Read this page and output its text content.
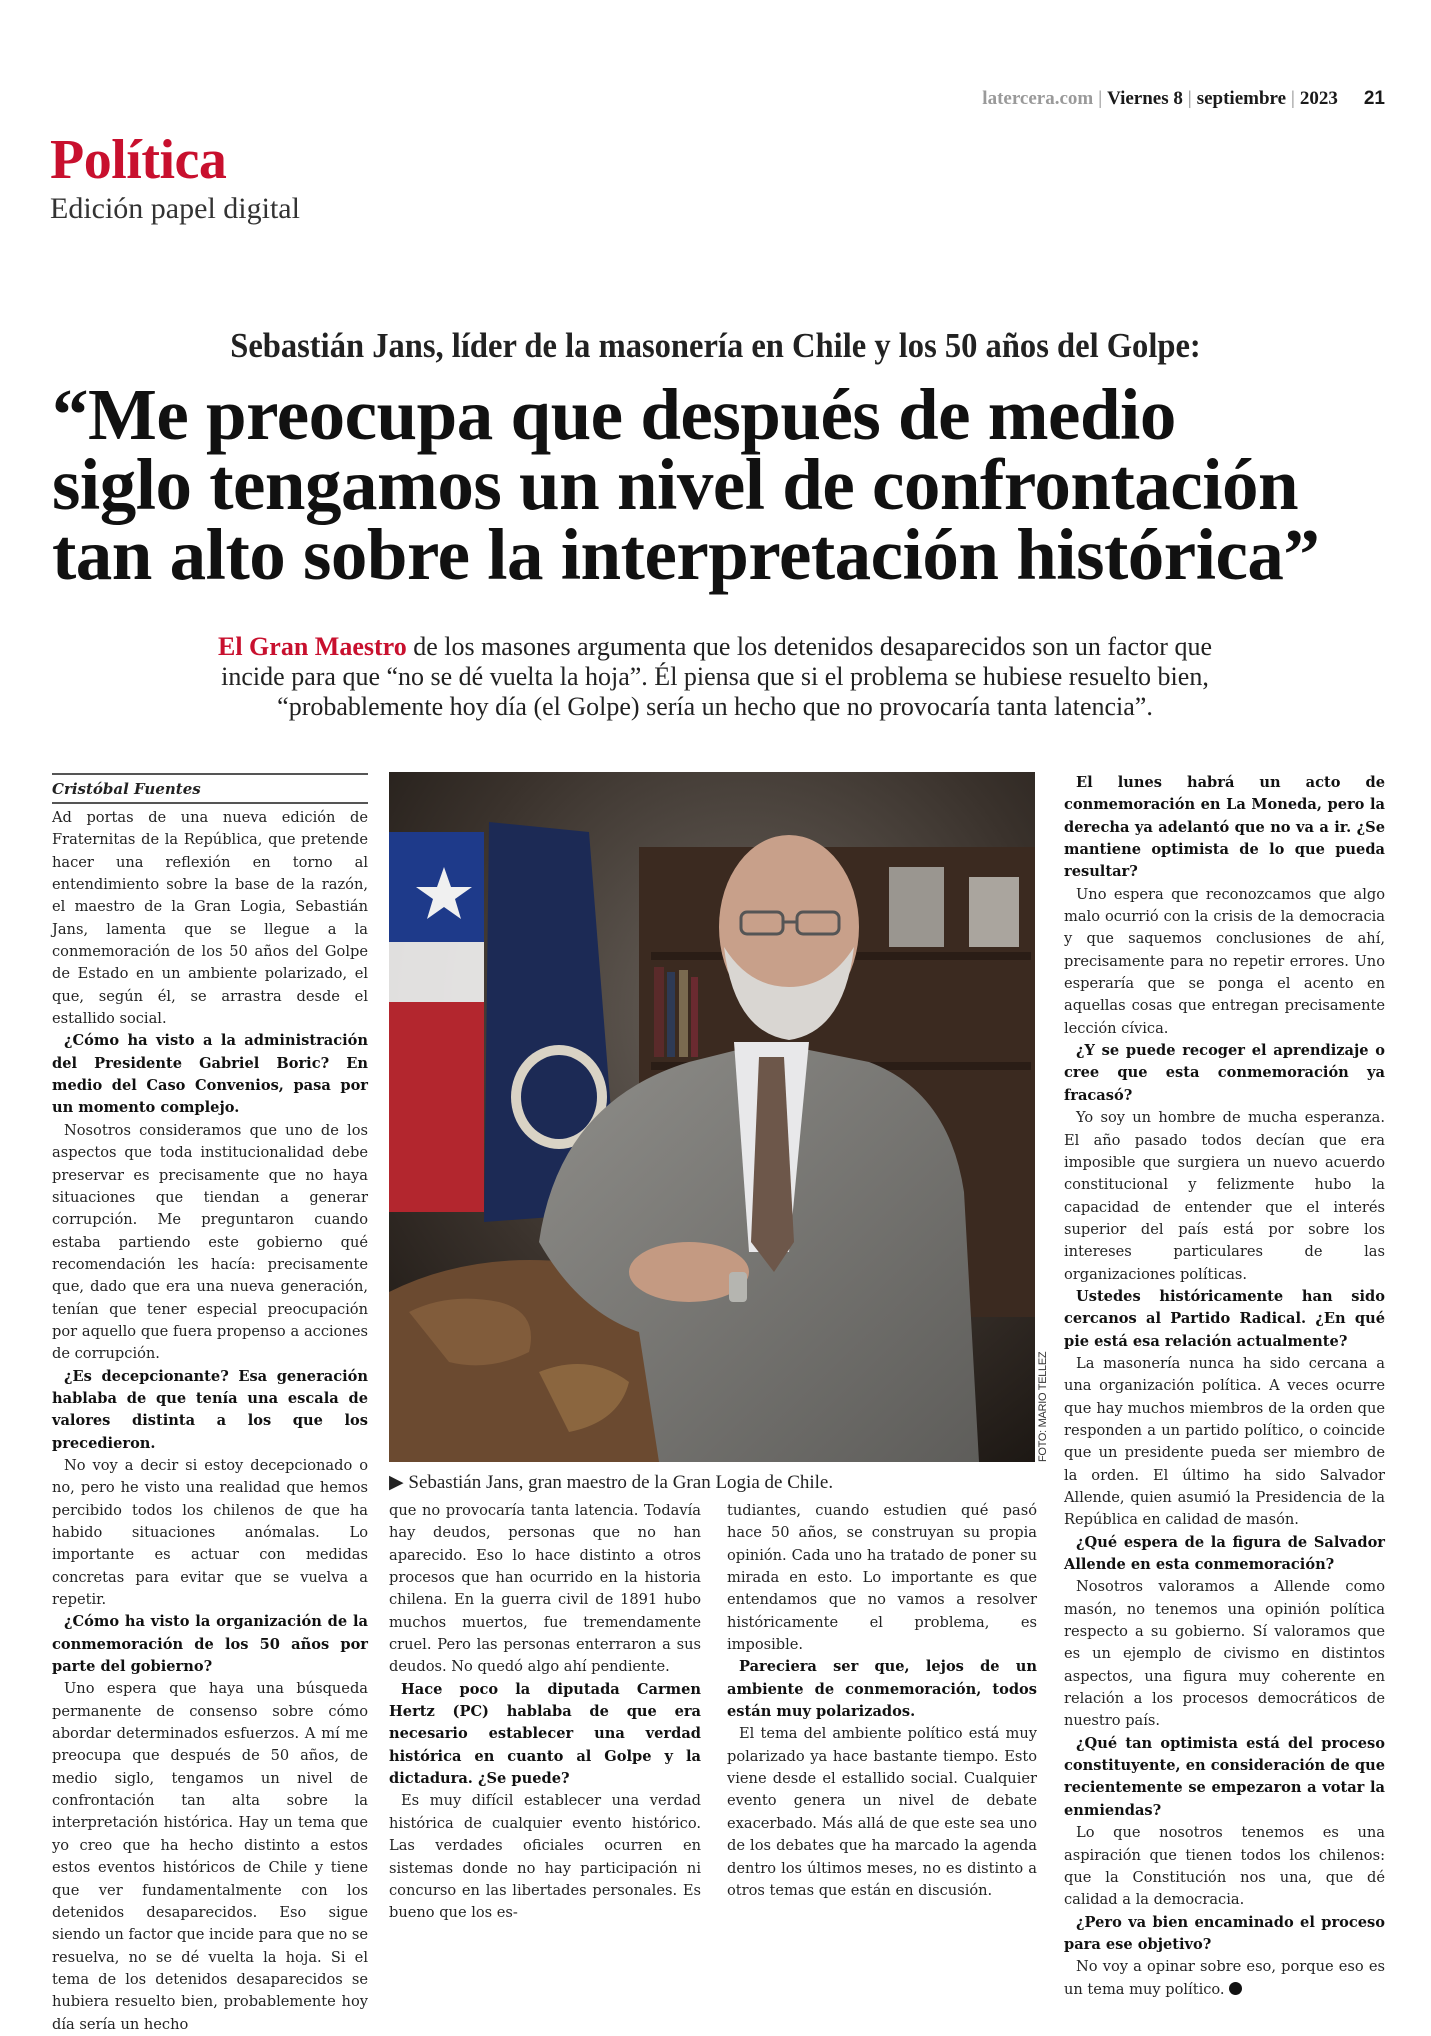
latercera.com | Viernes 8 | septiembre | 2023 21
Política
Edición papel digital
Sebastián Jans, líder de la masonería en Chile y los 50 años del Golpe:
“Me preocupa que después de medio
siglo tengamos un nivel de confrontación
tan alto sobre la interpretación histórica”
El Gran Maestro de los masones argumenta que los detenidos desaparecidos son un factor que incide para que “no se dé vuelta la hoja”. Él piensa que si el problema se hubiese resuelto bien, “probablemente hoy día (el Golpe) sería un hecho que no provocaría tanta latencia”.
Cristóbal Fuentes

Ad portas de una nueva edición de Fraternitas de la República, que pretende hacer una reflexión en torno al entendimiento sobre la base de la razón, el maestro de la Gran Logia, Sebastián Jans, lamenta que se llegue a la conmemoración de los 50 años del Golpe de Estado en un ambiente polarizado, el que, según él, se arrastra desde el estallido social.

¿Cómo ha visto a la administración del Presidente Gabriel Boric? En medio del Caso Convenios, pasa por un momento complejo.

Nosotros consideramos que uno de los aspectos que toda institucionalidad debe preservar es precisamente que no haya situaciones que tiendan a generar corrupción. Me preguntaron cuando estaba partiendo este gobierno qué recomendación les hacía: precisamente que, dado que era una nueva generación, tenían que tener especial preocupación por aquello que fuera propenso a acciones de corrupción.

¿Es decepcionante? Esa generación hablaba de que tenía una escala de valores distinta a los que los precedieron.

No voy a decir si estoy decepcionado o no, pero he visto una realidad que hemos percibido todos los chilenos de que ha habido situaciones anómalas. Lo importante es actuar con medidas concretas para evitar que se vuelva a repetir.

¿Cómo ha visto la organización de la conmemoración de los 50 años por parte del gobierno?

Uno espera que haya una búsqueda permanente de consenso sobre cómo abordar determinados esfuerzos. A mí me preocupa que después de 50 años, de medio siglo, tengamos un nivel de confrontación tan alta sobre la interpretación histórica. Hay un tema que yo creo que ha hecho distinto a estos estos eventos históricos de Chile y tiene que ver fundamentalmente con los detenidos desaparecidos. Eso sigue siendo un factor que incide para que no se resuelva, no se dé vuelta la hoja. Si el tema de los detenidos desaparecidos se hubiera resuelto bien, probablemente hoy día sería un hecho

que no provocaría tanta latencia. Todavía hay deudos, personas que no han aparecido. Eso lo hace distinto a otros procesos que han ocurrido en la historia chilena. En la guerra civil de 1891 hubo muchos muertos, fue tremendamente cruel. Pero las personas enterraron a sus deudos. No quedó algo ahí pendiente.

Hace poco la diputada Carmen Hertz (PC) hablaba de que era necesario establecer una verdad histórica en cuanto al Golpe y la dictadura. ¿Se puede?

Es muy difícil establecer una verdad histórica de cualquier evento histórico. Las verdades oficiales ocurren en sistemas donde no hay participación ni concurso en las libertades personales. Es bueno que los es-

tudiantes, cuando estudien qué pasó hace 50 años, se construyan su propia opinión. Cada uno ha tratado de poner su mirada en esto. Lo importante es que entendamos que no vamos a resolver históricamente el problema, es imposible.

Pareciera ser que, lejos de un ambiente de conmemoración, todos están muy polarizados.

El tema del ambiente político está muy polarizado ya hace bastante tiempo. Esto viene desde el estallido social. Cualquier evento genera un nivel de debate exacerbado. Más allá de que este sea uno de los debates que ha marcado la agenda dentro los últimos meses, no es distinto a otros temas que están en discusión.

El lunes habrá un acto de conmemoración en La Moneda, pero la derecha ya adelantó que no va a ir. ¿Se mantiene optimista de lo que pueda resultar?

Uno espera que reconozcamos que algo malo ocurrió con la crisis de la democracia y que saquemos conclusiones de ahí, precisamente para no repetir errores. Uno esperaría que se ponga el acento en aquellas cosas que entregan precisamente lección cívica.

¿Y se puede recoger el aprendizaje o cree que esta conmemoración ya fracasó?

Yo soy un hombre de mucha esperanza. El año pasado todos decían que era imposible que surgiera un nuevo acuerdo constitucional y felizmente hubo la capacidad de entender que el interés superior del país está por sobre los intereses particulares de las organizaciones políticas.

Ustedes históricamente han sido cercanos al Partido Radical. ¿En qué pie está esa relación actualmente?

La masonería nunca ha sido cercana a una organización política. A veces ocurre que hay muchos miembros de la orden que responden a un partido político, o coincide que un presidente pueda ser miembro de la orden. El último ha sido Salvador Allende, quien asumió la Presidencia de la República en calidad de masón.

¿Qué espera de la figura de Salvador Allende en esta conmemoración?

Nosotros valoramos a Allende como masón, no tenemos una opinión política respecto a su gobierno. Sí valoramos que es un ejemplo de civismo en distintos aspectos, una figura muy coherente en relación a los procesos democráticos de nuestro país.

¿Qué tan optimista está del proceso constituyente, en consideración de que recientemente se empezaron a votar la enmiendas?

Lo que nosotros tenemos es una aspiración que tienen todos los chilenos: que la Constitución nos una, que dé calidad a la democracia.

¿Pero va bien encaminado el proceso para ese objetivo?

No voy a opinar sobre eso, porque eso es un tema muy político.

FOTO: MARIO TELLEZ
▶ Sebastián Jans, gran maestro de la Gran Logia de Chile.
